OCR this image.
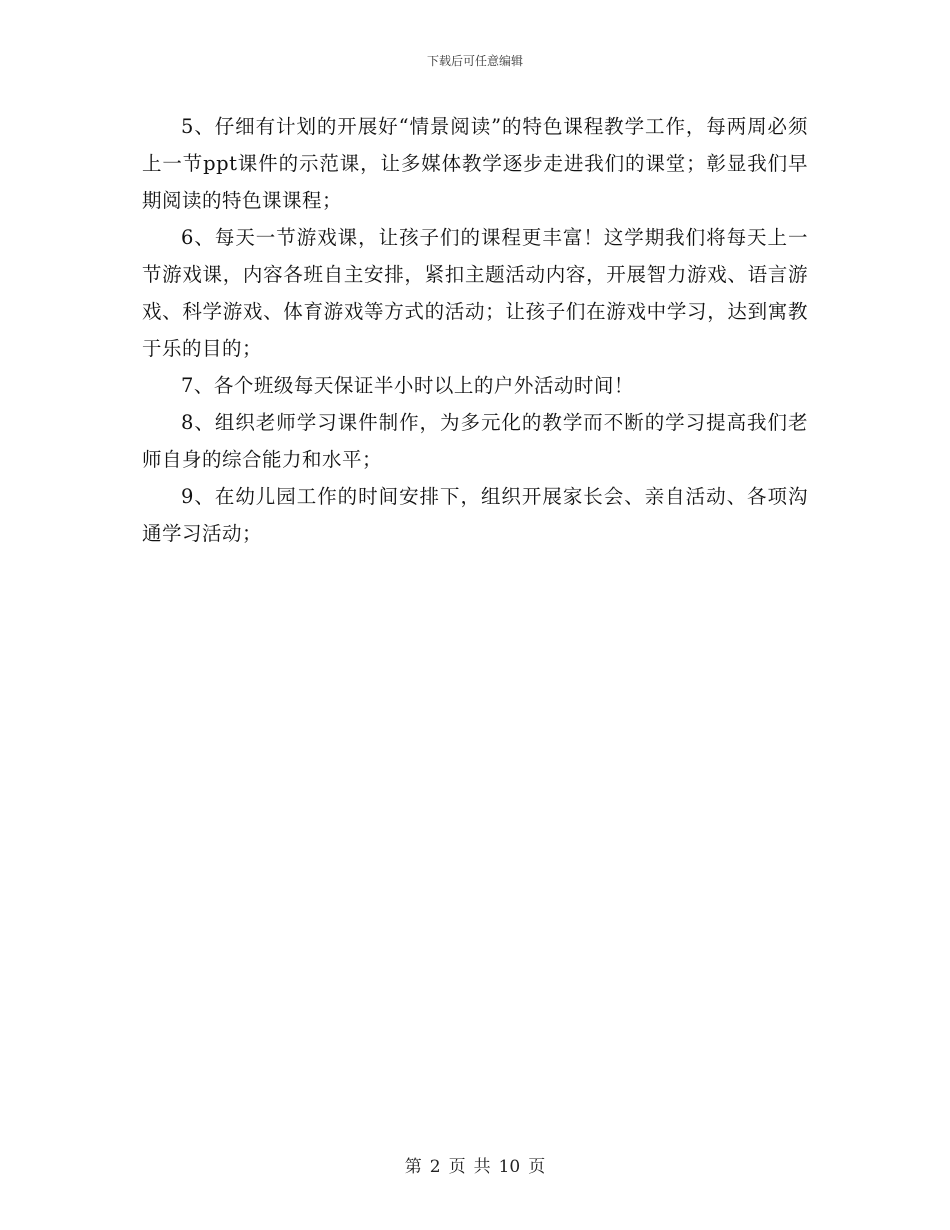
下载后可任意编辑

5、仔细有计划的开展好“情景阅读”的特色课程教学工作，每两周必须上一节ppt课件的示范课，让多媒体教学逐步走进我们的课堂；彰显我们早期阅读的特色课课程；

6、每天一节游戏课，让孩子们的课程更丰富！这学期我们将每天上一节游戏课，内容各班自主安排，紧扣主题活动内容，开展智力游戏、语言游戏、科学游戏、体育游戏等方式的活动；让孩子们在游戏中学习，达到寓教于乐的目的；

7、各个班级每天保证半小时以上的户外活动时间！

8、组织老师学习课件制作，为多元化的教学而不断的学习提高我们老师自身的综合能力和水平；

9、在幼儿园工作的时间安排下，组织开展家长会、亲自活动、各项沟通学习活动；

第 2 页 共 10 页
